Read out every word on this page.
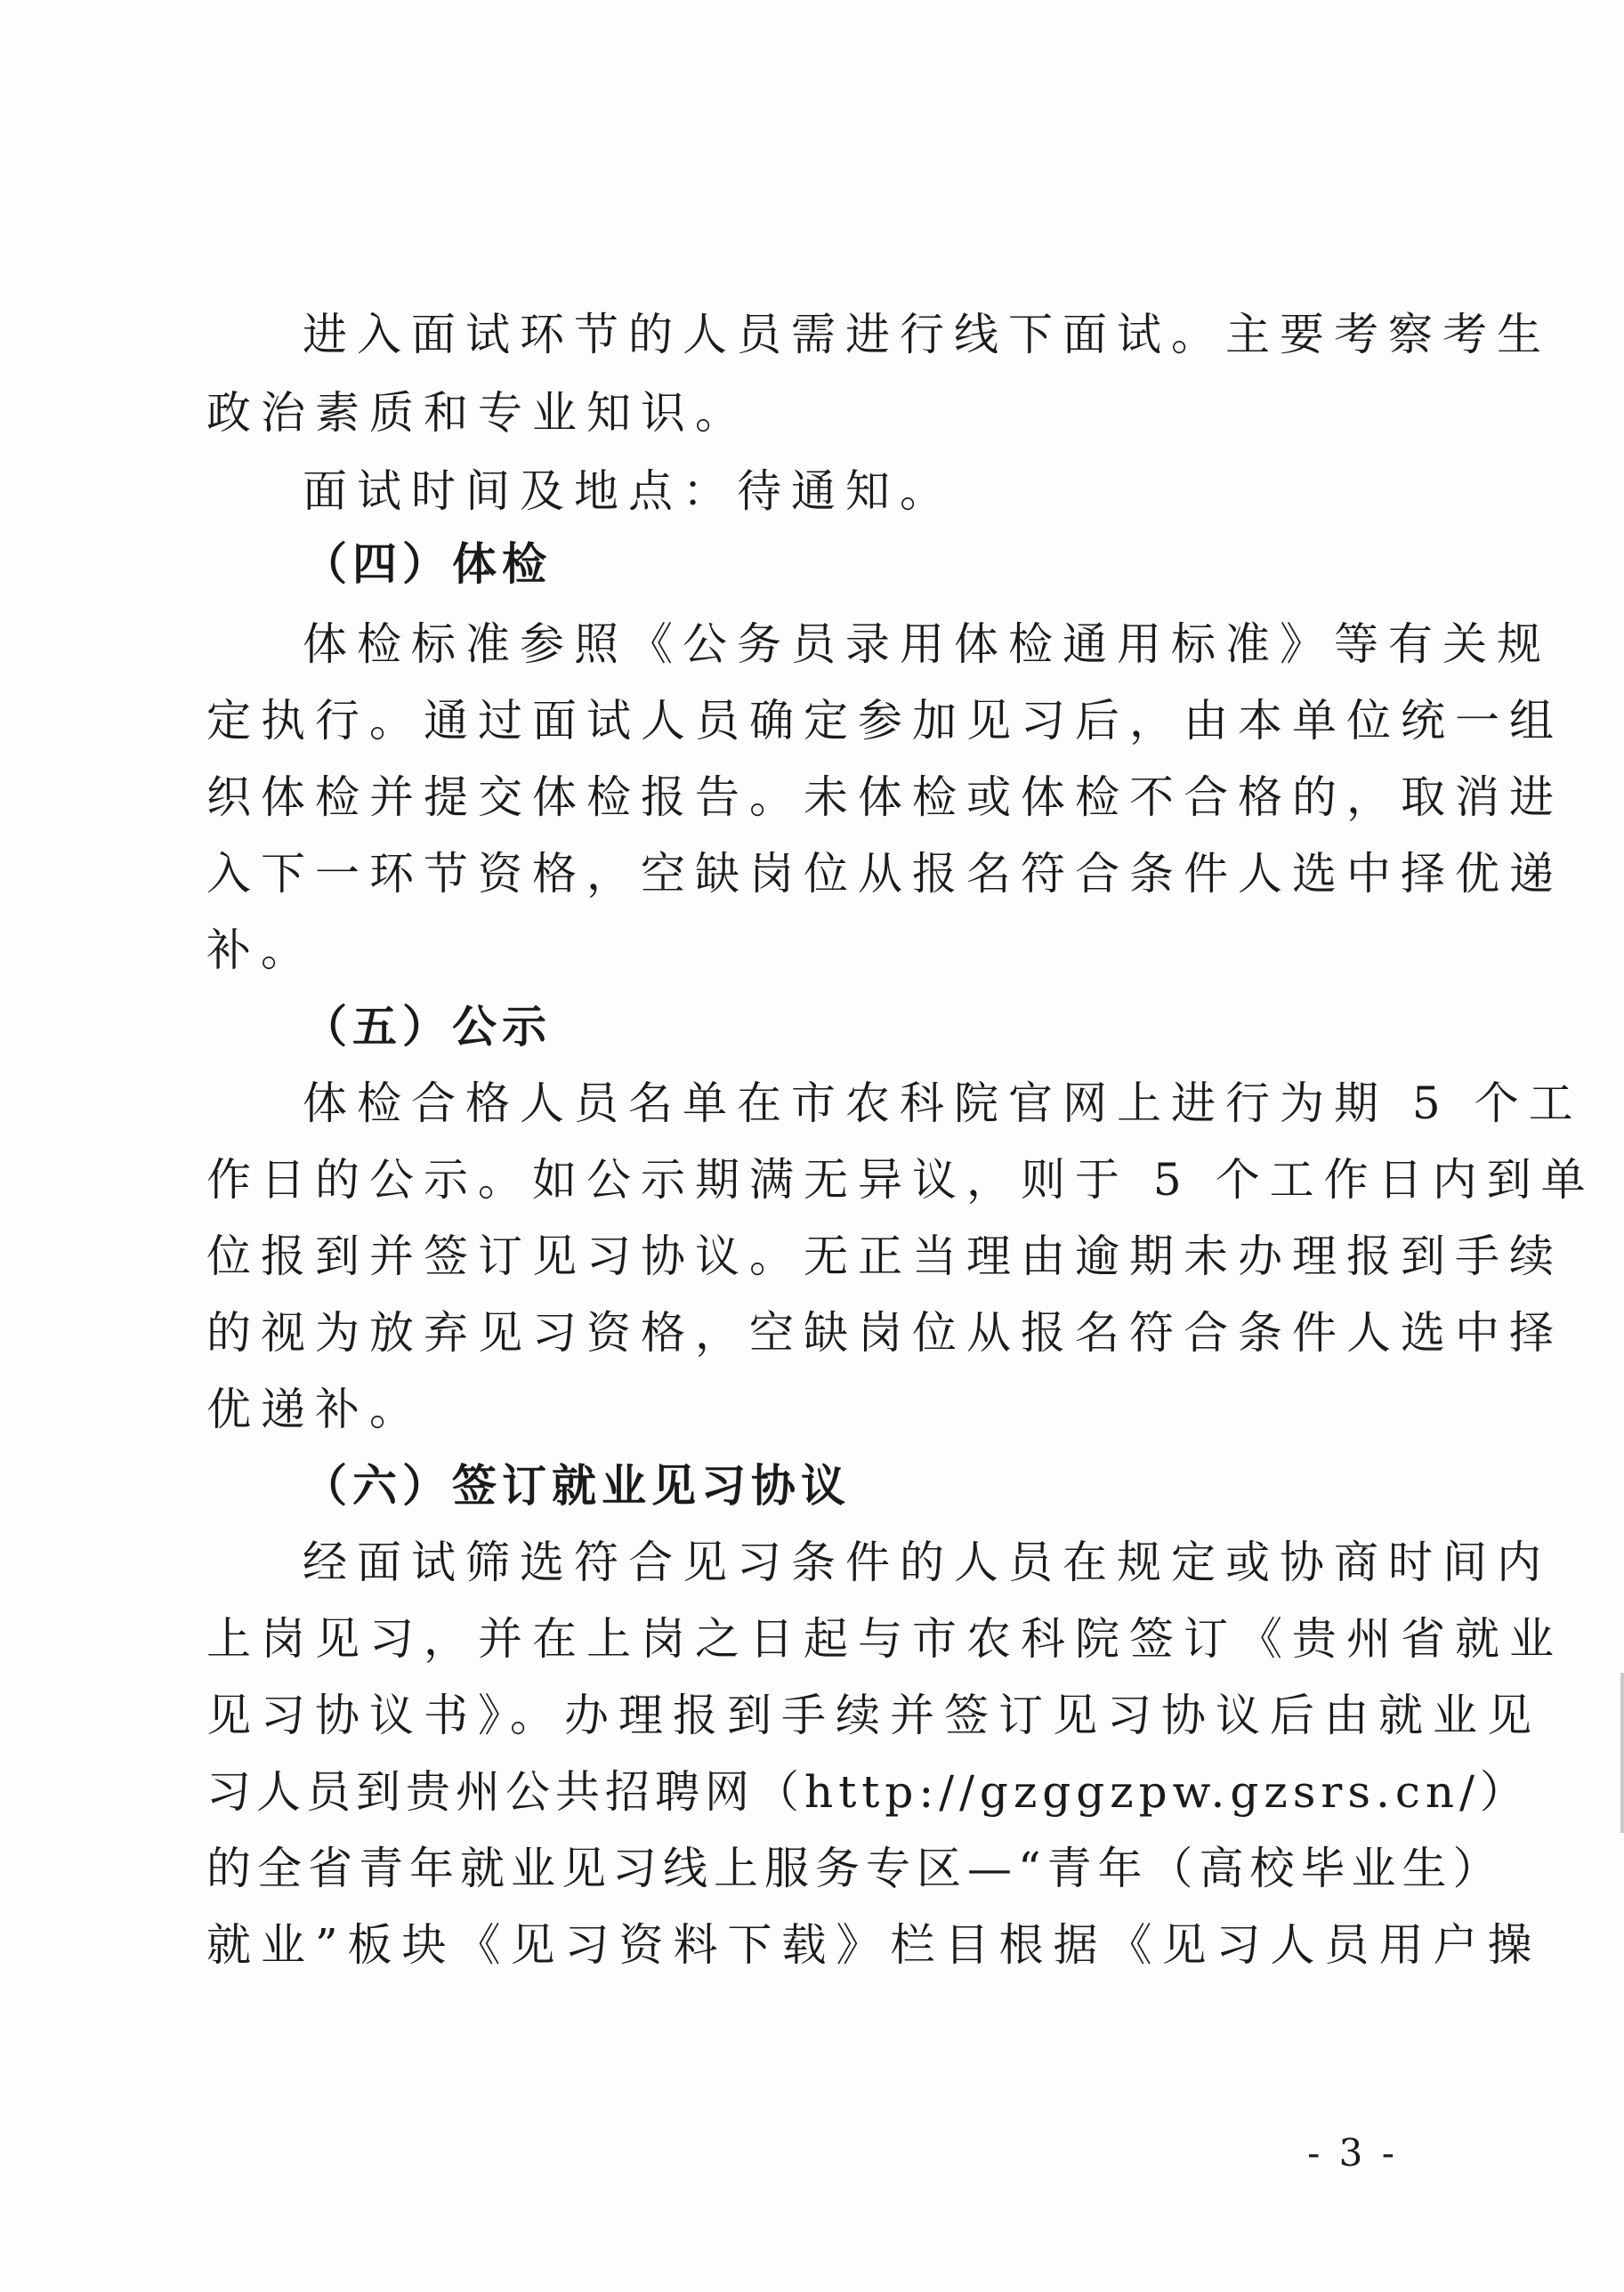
进入面试环节的人员需进行线下面试。主要考察考生
政治素质和专业知识。
面试时间及地点：待通知。
（四）体检
体检标准参照《公务员录用体检通用标准》等有关规
定执行。通过面试人员确定参加见习后，由本单位统一组
织体检并提交体检报告。未体检或体检不合格的，取消进
入下一环节资格，空缺岗位从报名符合条件人选中择优递
补。
（五）公示
体检合格人员名单在市农科院官网上进行为期 5 个工
作日的公示。如公示期满无异议，则于 5 个工作日内到单
位报到并签订见习协议。无正当理由逾期未办理报到手续
的视为放弃见习资格，空缺岗位从报名符合条件人选中择
优递补。
（六）签订就业见习协议
经面试筛选符合见习条件的人员在规定或协商时间内
上岗见习，并在上岗之日起与市农科院签订《贵州省就业
见习协议书》。办理报到手续并签订见习协议后由就业见
习人员到贵州公共招聘网（http://gzggzpw.gzsrs.cn/）
的全省青年就业见习线上服务专区—“青年（高校毕业生）
就业”板块《见习资料下载》栏目根据《见习人员用户操
- 3 -
